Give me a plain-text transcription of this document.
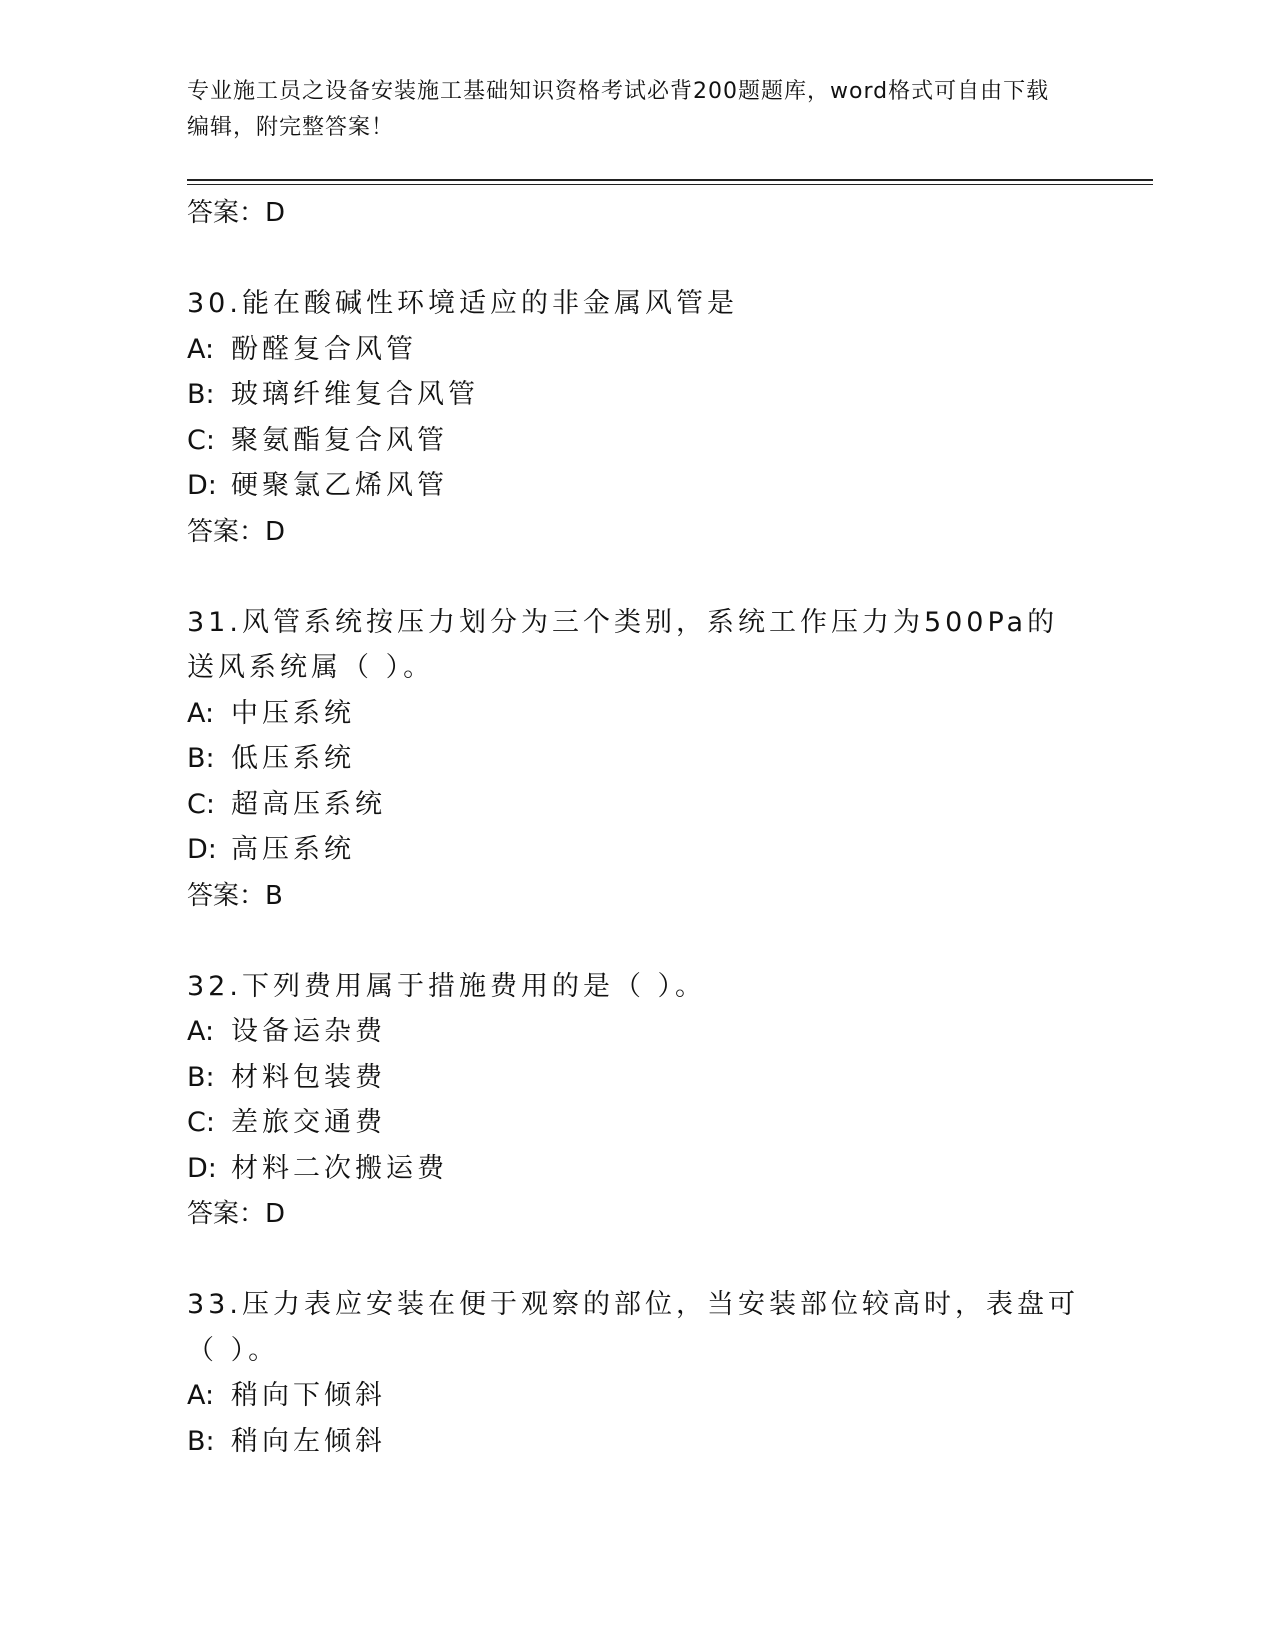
专业施工员之设备安装施工基础知识资格考试必背200题题库，word格式可自由下载编辑，附完整答案！
答案：D
30.能在酸碱性环境适应的非金属风管是
A: 酚醛复合风管
B: 玻璃纤维复合风管
C: 聚氨酯复合风管
D: 硬聚氯乙烯风管
答案：D
31.风管系统按压力划分为三个类别，系统工作压力为500Pa的送风系统属（ ）。
A: 中压系统
B: 低压系统
C: 超高压系统
D: 高压系统
答案：B
32.下列费用属于措施费用的是（ ）。
A: 设备运杂费
B: 材料包装费
C: 差旅交通费
D: 材料二次搬运费
答案：D
33.压力表应安装在便于观察的部位，当安装部位较高时，表盘可（ ）。
A: 稍向下倾斜
B: 稍向左倾斜
